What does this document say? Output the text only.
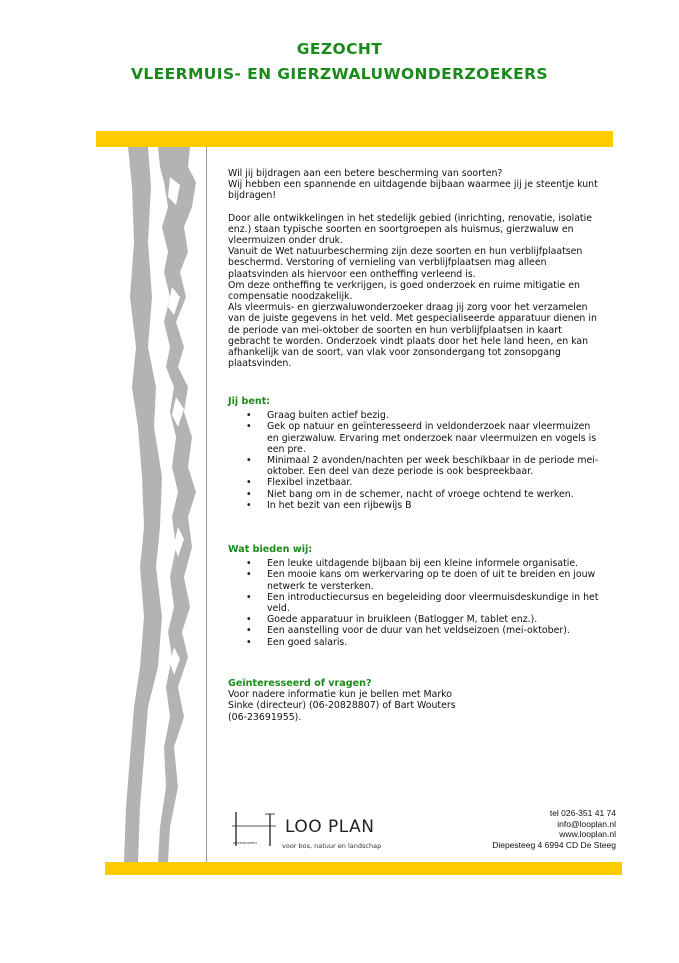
GEZOCHT
VLEERMUIS- EN GIERZWALUWONDERZOEKERS

Wil jij bijdragen aan een betere bescherming van soorten?

Wij hebben een spannende en uitdagende bijbaan waarmee jij je steentje kunt bijdragen!

Door alle ontwikkelingen in het stedelijk gebied (inrichting, renovatie, isolatie enz.) staan typische soorten en soortgroepen als huismus, gierzwaluw en vleermuizen onder druk.

Vanuit de Wet natuurbescherming zijn deze soorten en hun verblijfplaatsen beschermd. Verstoring of vernieling van verblijfplaatsen mag alleen plaatsvinden als hiervoor een ontheffing verleend is.

Om deze ontheffing te verkrijgen, is goed onderzoek en ruime mitigatie en compensatie noodzakelijk.

Als vleermuis- en gierzwaluwonderzoeker draag jij zorg voor het verzamelen van de juiste gegevens in het veld. Met gespecialiseerde apparatuur dienen in de periode van mei-oktober de soorten en hun verblijfplaatsen in kaart gebracht te worden. Onderzoek vindt plaats door het hele land heen, en kan afhankelijk van de soort, van vlak voor zonsondergang tot zonsopgang plaatsvinden.

Jij bent:

• Graag buiten actief bezig.
• Gek op natuur en geïnteresseerd in veldonderzoek naar vleermuizen en gierzwaluw. Ervaring met onderzoek naar vleermuizen en vogels is een pre.
• Minimaal 2 avonden/nachten per week beschikbaar in de periode mei-oktober. Een deel van deze periode is ook bespreekbaar.
• Flexibel inzetbaar.
• Niet bang om in de schemer, nacht of vroege ochtend te werken.
• In het bezit van een rijbewijs B

Wat bieden wij:

• Een leuke uitdagende bijbaan bij een kleine informele organisatie.
• Een mooie kans om werkervaring op te doen of uit te breiden en jouw netwerk te versterken.
• Een introductiecursus en begeleiding door vleermuisdeskundige in het veld.
• Goede apparatuur in bruikleen (Batlogger M, tablet enz.).
• Een aanstelling voor de duur van het veldseizoen (mei-oktober).
• Een goed salaris.

Geïnteresseerd of vragen?

Voor nadere informatie kun je bellen met Marko Sinke (directeur) (06-20828807) of Bart Wouters (06-23691955).

adviesbureau
LOO PLAN
voor bos, natuur en landschap
tel 026-351 41 74
info@looplan.nl
www.looplan.nl
Diepesteeg 4 6994 CD De Steeg
